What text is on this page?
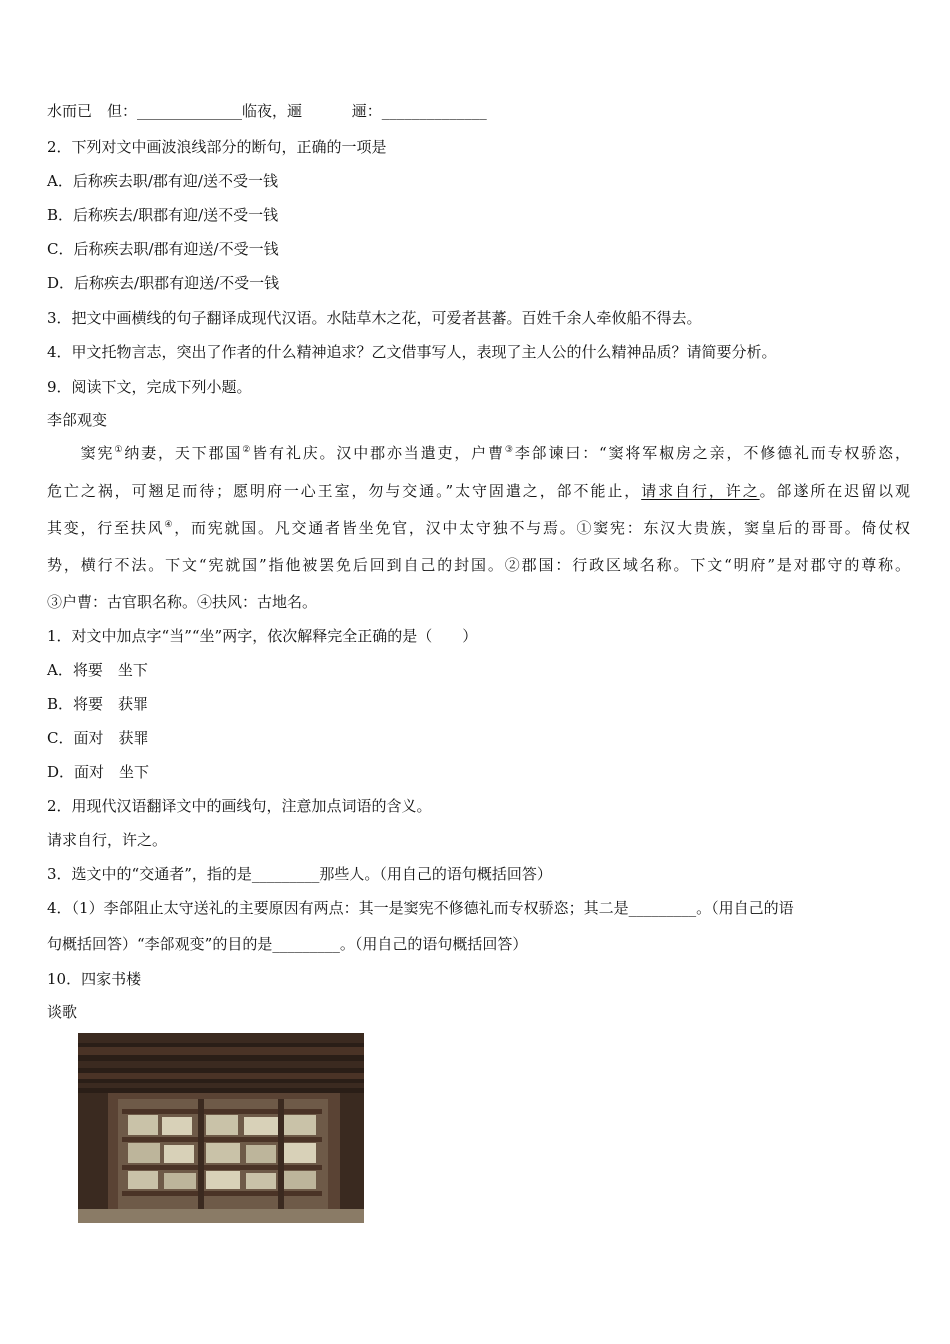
水而已　但：______________临夜，逦　　　 逦：______________
2．下列对文中画波浪线部分的断句，正确的一项是
A．后称疾去职/郡有迎/送不受一钱
B．后称疾去/职郡有迎/送不受一钱
C．后称疾去职/郡有迎送/不受一钱
D．后称疾去/职郡有迎送/不受一钱
3．把文中画横线的句子翻译成现代汉语。水陆草木之花，可爱者甚蕃。百姓千余人牵攸船不得去。
4．甲文托物言志，突出了作者的什么精神追求？乙文借事写人，表现了主人公的什么精神品质？请简要分析。
9．阅读下文，完成下列小题。
李郃观变
　　窦宪①纳妻，天下郡国②皆有礼庆。汉中郡亦当遣吏，户曹③李郃谏曰：“窦将军椒房之亲，不修德礼而专权骄恣，
危亡之祸，可翘足而待；愿明府一心王室，勿与交通。”太守固遣之，郃不能止，请求自行，许之。郃遂所在迟留以观
其变，行至扶风④，而宪就国。凡交通者皆坐免官，汉中太守独不与焉。①窦宪：东汉大贵族，窦皇后的哥哥。倚仗权
势，横行不法。下文“宪就国”指他被罢免后回到自己的封国。②郡国：行政区域名称。下文“明府”是对郡守的尊称。
③户曹：古官职名称。④扶风：古地名。
1．对文中加点字“当”“坐”两字，依次解释完全正确的是（　　）
A．将要　坐下
B．将要　获罪
C．面对　获罪
D．面对　坐下
2．用现代汉语翻译文中的画线句，注意加点词语的含义。
请求自行，许之。
3．选文中的“交通者”，指的是_________那些人。（用自己的语句概括回答）
4．（1）李郃阻止太守送礼的主要原因有两点：其一是窦宪不修德礼而专权骄恣；其二是_________。（用自己的语
句概括回答）“李郃观变”的目的是_________。（用自己的语句概括回答）
10．四家书楼
谈歌
